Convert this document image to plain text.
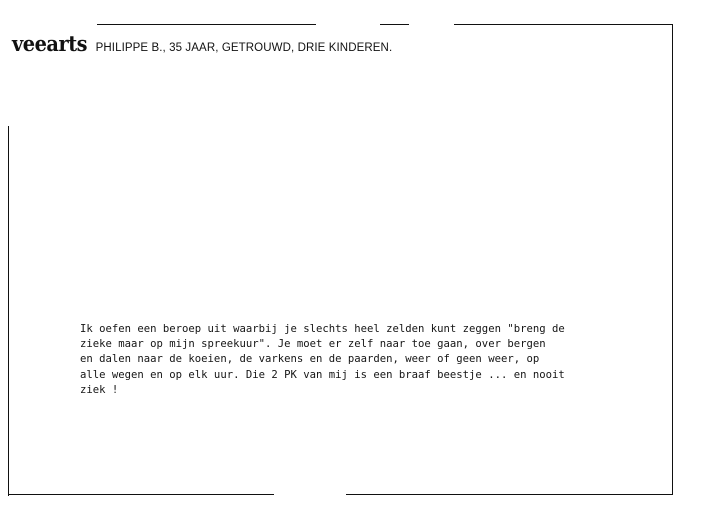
veearts PHILIPPE B., 35 JAAR, GETROUWD, DRIE KINDEREN.
Ik oefen een beroep uit waarbij je slechts heel zelden kunt zeggen "breng de
zieke maar op mijn spreekuur". Je moet er zelf naar toe gaan, over bergen
en dalen naar de koeien, de varkens en de paarden, weer of geen weer, op
alle wegen en op elk uur. Die 2 PK van mij is een braaf beestje ... en nooit
ziek !
